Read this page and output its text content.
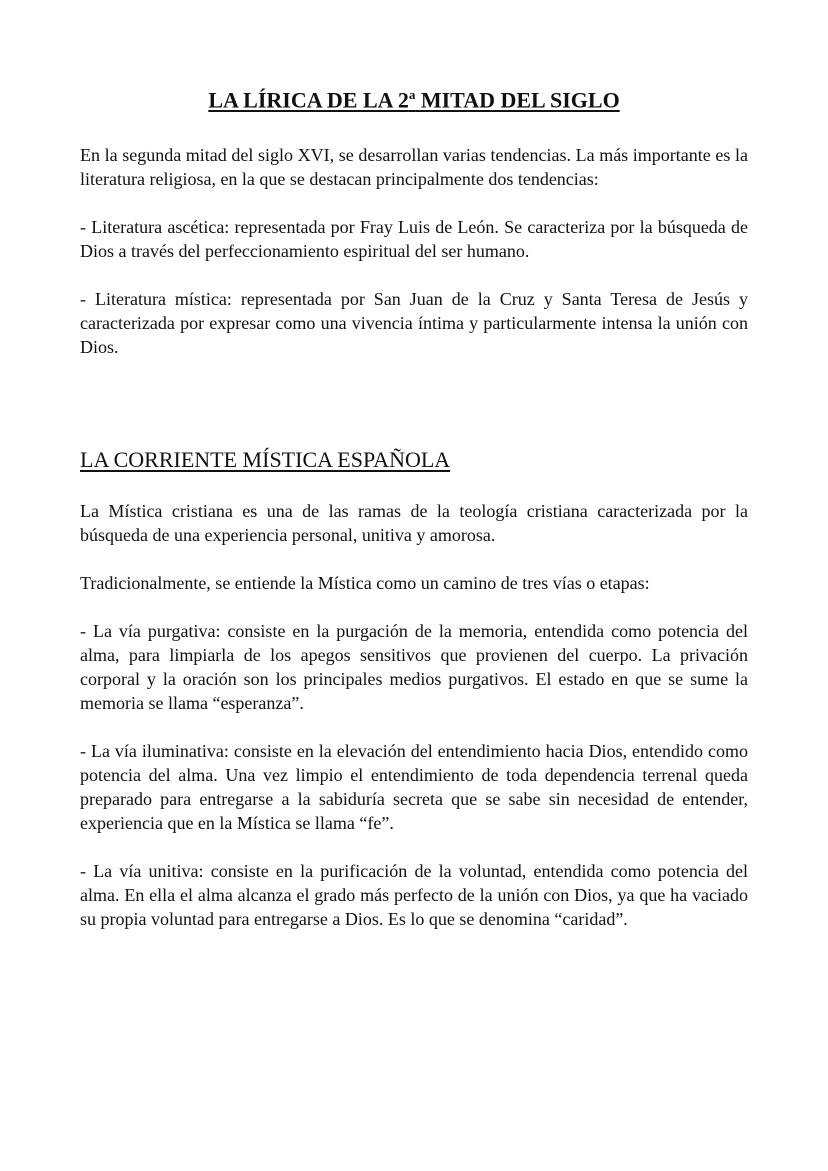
LA LÍRICA DE LA 2$^a$ MITAD DEL SIGLO

En la segunda mitad del siglo XVI, se desarrollan varias tendencias. La más importante es la literatura religiosa, en la que se destacan principalmente dos tendencias:

- Literatura ascética: representada por Fray Luis de León. Se caracteriza por la búsqueda de Dios a través del perfeccionamiento espiritual del ser humano.

- Literatura mística: representada por San Juan de la Cruz y Santa Teresa de Jesús y caracterizada por expresar como una vivencia íntima y particularmente intensa la unión con Dios.

LA CORRIENTE MÍSTICA ESPAÑOLA

La Mística cristiana es una de las ramas de la teología cristiana caracterizada por la búsqueda de una experiencia personal, unitiva y amorosa.

Tradicionalmente, se entiende la Mística como un camino de tres vías o etapas:

- La vía purgativa: consiste en la purgación de la memoria, entendida como potencia del alma, para limpiarla de los apegos sensitivos que provienen del cuerpo. La privación corporal y la oración son los principales medios purgativos. El estado en que se sume la memoria se llama “esperanza”.

- La vía iluminativa: consiste en la elevación del entendimiento hacia Dios, entendido como potencia del alma. Una vez limpio el entendimiento de toda dependencia terrenal queda preparado para entregarse a la sabiduría secreta que se sabe sin necesidad de entender, experiencia que en la Mística se llama “fe”.

- La vía unitiva: consiste en la purificación de la voluntad, entendida como potencia del alma. En ella el alma alcanza el grado más perfecto de la unión con Dios, ya que ha vaciado su propia voluntad para entregarse a Dios. Es lo que se denomina “caridad”.
